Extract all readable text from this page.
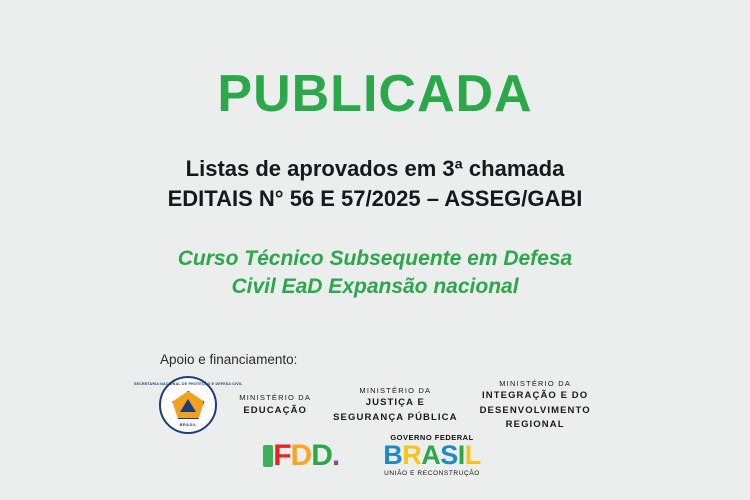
PUBLICADA
Listas de aprovados em 3ª chamada
EDITAIS N° 56 E 57/2025 – ASSEG/GABI
Curso Técnico Subsequente em Defesa
Civil EaD Expansão nacional
Apoio e financiamento:
SECRETARIA NACIONAL DE PROTEÇÃO E DEFESA CIVIL
BRASIL
MINISTÉRIO DA
EDUCAÇÃO
MINISTÉRIO DA
JUSTIÇA E
SEGURANÇA PÚBLICA
MINISTÉRIO DA
INTEGRAÇÃO E DO
DESENVOLVIMENTO
REGIONAL
F D D .
GOVERNO FEDERAL
BRASIL
UNIÃO E RECONSTRUÇÃO
